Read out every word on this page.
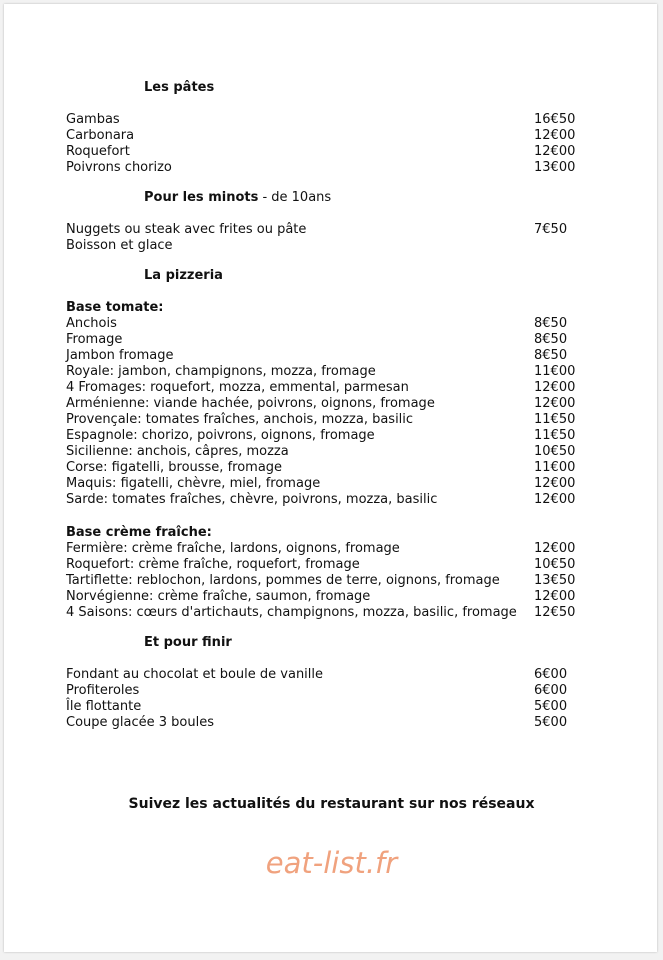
Les pâtes
Gambas	16€50
Carbonara	12€00
Roquefort	12€00
Poivrons chorizo	13€00
Pour les minots - de 10ans
Nuggets ou steak avec frites ou pâte	7€50
Boisson et glace
La pizzeria
Base tomate:
Anchois	8€50
Fromage	8€50
Jambon fromage	8€50
Royale: jambon, champignons, mozza, fromage	11€00
4 Fromages: roquefort, mozza, emmental, parmesan	12€00
Arménienne: viande hachée, poivrons, oignons, fromage	12€00
Provençale: tomates fraîches, anchois, mozza, basilic	11€50
Espagnole: chorizo, poivrons, oignons, fromage	11€50
Sicilienne: anchois, câpres, mozza	10€50
Corse: figatelli, brousse, fromage	11€00
Maquis: figatelli, chèvre, miel, fromage	12€00
Sarde: tomates fraîches, chèvre, poivrons, mozza, basilic	12€00
Base crème fraîche:
Fermière: crème fraîche, lardons, oignons, fromage	12€00
Roquefort: crème fraîche, roquefort, fromage	10€50
Tartiflette: reblochon, lardons, pommes de terre, oignons, fromage	13€50
Norvégienne: crème fraîche, saumon, fromage	12€00
4 Saisons: cœurs d'artichauts, champignons, mozza, basilic, fromage 12€50
Et pour finir
Fondant au chocolat et boule de vanille	6€00
Profiteroles	6€00
Île flottante	5€00
Coupe glacée 3 boules	5€00
Suivez les actualités du restaurant sur nos réseaux
eat-list.fr
